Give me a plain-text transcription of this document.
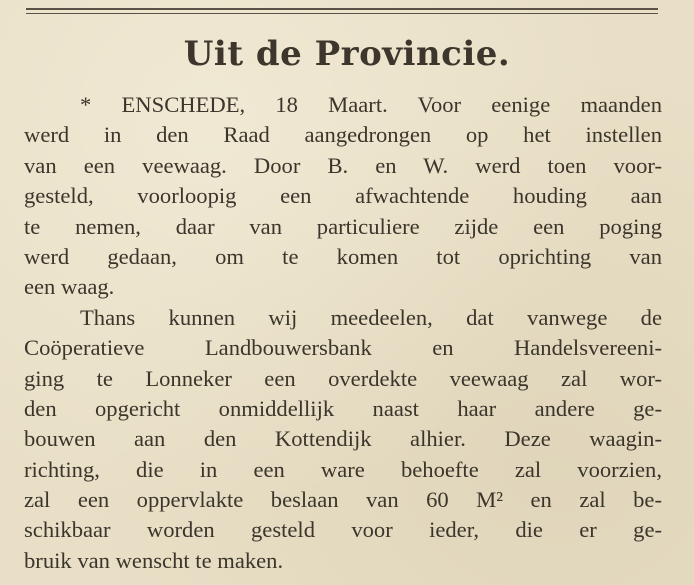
Uit de Provincie.
* ENSCHEDE, 18 Maart. Voor eenige maanden
werd in den Raad aangedrongen op het instellen
van een veewaag. Door B. en W. werd toen voor-
gesteld, voorloopig een afwachtende houding aan
te nemen, daar van particuliere zijde een poging
werd gedaan, om te komen tot oprichting van
een waag.
Thans kunnen wij meedeelen, dat vanwege de
Coöperatieve Landbouwersbank en Handelsvereeni-
ging te Lonneker een overdekte veewaag zal wor-
den opgericht onmiddellijk naast haar andere ge-
bouwen aan den Kottendijk alhier. Deze waagin-
richting, die in een ware behoefte zal voorzien,
zal een oppervlakte beslaan van 60 M² en zal be-
schikbaar worden gesteld voor ieder, die er ge-
bruik van wenscht te maken.
